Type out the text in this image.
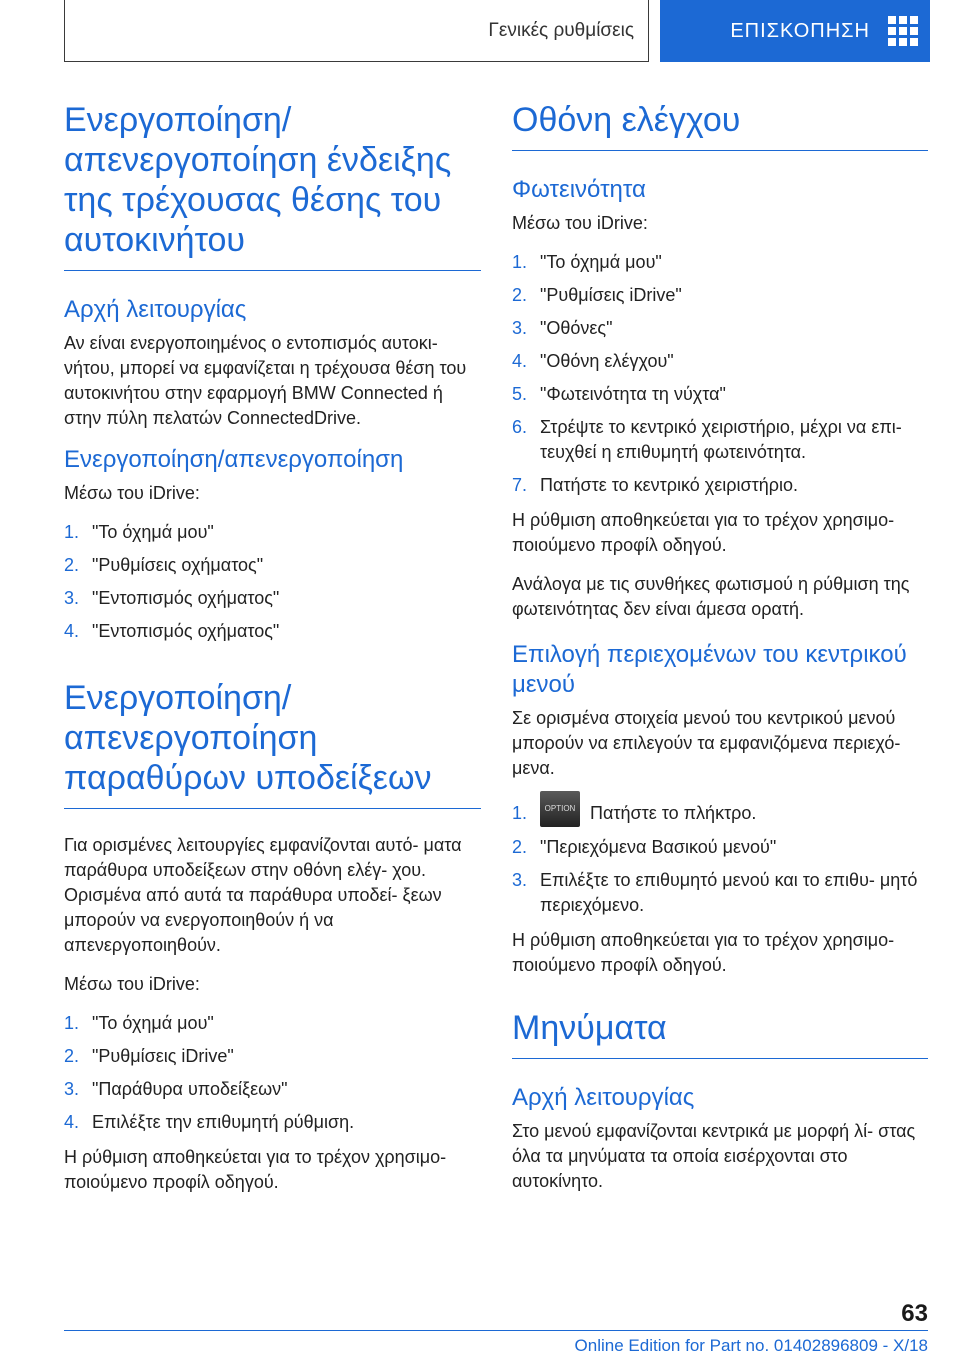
Γενικές ρυθμίσεις	ΕΠΙΣΚΟΠΗΣΗ
Ενεργοποίηση/ απενεργοποίηση ένδειξης της τρέχουσας θέσης του αυτοκινήτου
Αρχή λειτουργίας

Αν είναι ενεργοποιημένος ο εντοπισμός αυτοκι- νήτου, μπορεί να εμφανίζεται η τρέχουσα θέση του αυτοκινήτου στην εφαρμογή BMW Connected ή στην πύλη πελατών ConnectedDrive.

Ενεργοποίηση/απενεργοποίηση

Μέσω του iDrive:

1. "Το όχημά μου"
2. "Ρυθμίσεις οχήματος"
3. "Εντοπισμός οχήματος"
4. "Εντοπισμός οχήματος"
Ενεργοποίηση/ απενεργοποίηση παραθύρων υποδείξεων

Για ορισμένες λειτουργίες εμφανίζονται αυτό- ματα παράθυρα υποδείξεων στην οθόνη ελέγ- χου. Ορισμένα από αυτά τα παράθυρα υποδεί- ξεων μπορούν να ενεργοποιηθούν ή να απενεργοποιηθούν.

Μέσω του iDrive:

1. "Το όχημά μου"
2. "Ρυθμίσεις iDrive"
3. "Παράθυρα υποδείξεων"
4. Επιλέξτε την επιθυμητή ρύθμιση.

Η ρύθμιση αποθηκεύεται για το τρέχον χρησιμο- ποιούμενο προφίλ οδηγού.

Οθόνη ελέγχου
Φωτεινότητα

Μέσω του iDrive:

1. "Το όχημά μου"
2. "Ρυθμίσεις iDrive"
3. "Οθόνες"
4. "Οθόνη ελέγχου"
5. "Φωτεινότητα τη νύχτα"
6. Στρέψτε το κεντρικό χειριστήριο, μέχρι να επι- τευχθεί η επιθυμητή φωτεινότητα.
7. Πατήστε το κεντρικό χειριστήριο.

Η ρύθμιση αποθηκεύεται για το τρέχον χρησιμο- ποιούμενο προφίλ οδηγού.

Ανάλογα με τις συνθήκες φωτισμού η ρύθμιση της φωτεινότητας δεν είναι άμεσα ορατή.

Επιλογή περιεχομένων του κεντρικού μενού

Σε ορισμένα στοιχεία μενού του κεντρικού μενού μπορούν να επιλεγούν τα εμφανιζόμενα περιεχό- μενα.

1. OPTION Πατήστε το πλήκτρο.
2. "Περιεχόμενα Βασικού μενού"
3. Επιλέξτε το επιθυμητό μενού και το επιθυ- μητό περιεχόμενο.

Η ρύθμιση αποθηκεύεται για το τρέχον χρησιμο- ποιούμενο προφίλ οδηγού.

Μηνύματα
Αρχή λειτουργίας

Στο μενού εμφανίζονται κεντρικά με μορφή λί- στας όλα τα μηνύματα τα οποία εισέρχονται στο αυτοκίνητο.

63
Online Edition for Part no. 01402896809 - X/18
